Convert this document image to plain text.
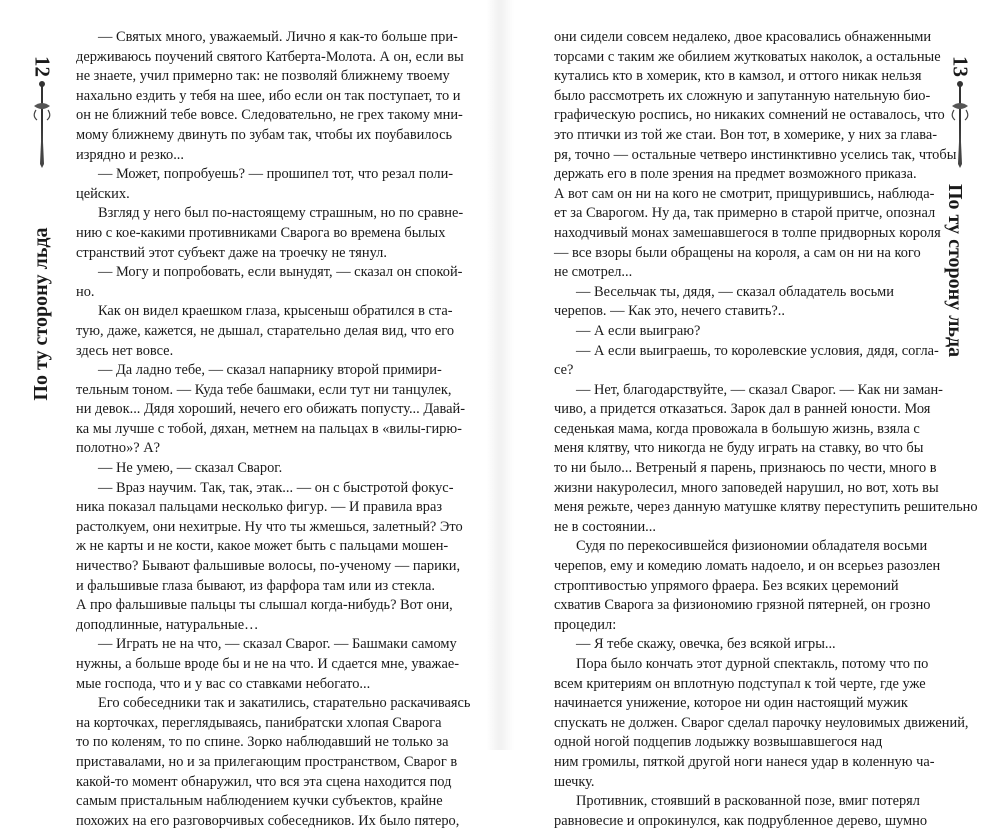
12
По ту сторону льда

— Святых много, уважаемый. Лично я как-то больше при-

держиваюсь поучений святого Катберта-Молота. А он, если вы

не знаете, учил примерно так: не позволяй ближнему твоему

нахально ездить у тебя на шее, ибо если он так поступает, то и

он не ближний тебе вовсе. Следовательно, не грех такому мни-

мому ближнему двинуть по зубам так, чтобы их поубавилось

изрядно и резко...

— Может, попробуешь? — прошипел тот, что резал поли-

цейских.

Взгляд у него был по-настоящему страшным, но по сравне-

нию с кое-какими противниками Сварога во времена былых

странствий этот субъект даже на троечку не тянул.

— Могу и попробовать, если вынудят, — сказал он спокой-

но.

Как он видел краешком глаза, крысеныш обратился в ста-

тую, даже, кажется, не дышал, старательно делая вид, что его

здесь нет вовсе.

— Да ладно тебе, — сказал напарнику второй примири-

тельным тоном. — Куда тебе башмаки, если тут ни танцулек,

ни девок... Дядя хороший, нечего его обижать попусту... Давай-

ка мы лучше с тобой, дяхан, метнем на пальцах в «вилы-гирю-

полотно»? А?

— Не умею, — сказал Сварог.

— Враз научим. Так, так, этак... — он с быстротой фокус-

ника показал пальцами несколько фигур. — И правила враз

растолкуем, они нехитрые. Ну что ты жмешься, залетный? Это

ж не карты и не кости, какое может быть с пальцами мошен-

ничество? Бывают фальшивые волосы, по-ученому — парики,

и фальшивые глаза бывают, из фарфора там или из стекла.

А про фальшивые пальцы ты слышал когда-нибудь? Вот они,

доподлинные, натуральные…

— Играть не на что, — сказал Сварог. — Башмаки самому

нужны, а больше вроде бы и не на что. И сдается мне, уважае-

мые господа, что и у вас со ставками небогато...

Его собеседники так и закатились, старательно раскачиваясь

на корточках, переглядываясь, панибратски хлопая Сварога

то по коленям, то по спине. Зорко наблюдавший не только за

приставалами, но и за прилегающим пространством, Сварог в

какой-то момент обнаружил, что вся эта сцена находится под

самым пристальным наблюдением кучки субъектов, крайне

похожих на его разговорчивых собеседников. Их было пятеро,

они сидели совсем недалеко, двое красовались обнаженными

торсами с таким же обилием жутковатых наколок, а остальные

кутались кто в хомерик, кто в камзол, и оттого никак нельзя

было рассмотреть их сложную и запутанную нательную био-

графическую роспись, но никаких сомнений не оставалось, что

это птички из той же стаи. Вон тот, в хомерике, у них за глава-

ря, точно — остальные четверо инстинктивно уселись так, чтобы

держать его в поле зрения на предмет возможного приказа.

А вот сам он ни на кого не смотрит, прищурившись, наблюда-

ет за Сварогом. Ну да, так примерно в старой притче, опознал

находчивый монах замешавшегося в толпе придворных короля

— все взоры были обращены на короля, а сам он ни на кого

не смотрел...

— Весельчак ты, дядя, — сказал обладатель восьми черепов. — Как это, нечего ставить?..

— А если выиграю?

— А если выиграешь, то королевские условия, дядя, согла-

се?

— Нет, благодарствуйте, — сказал Сварог. — Как ни заман-

чиво, а придется отказаться. Зарок дал в ранней юности. Моя

седенькая мама, когда провожала в большую жизнь, взяла с

меня клятву, что никогда не буду играть на ставку, во что бы

то ни было... Ветреный я парень, признаюсь по чести, много в

жизни накуролесил, много заповедей нарушил, но вот, хоть вы

меня режьте, через данную матушке клятву переступить решительно

не в состоянии...

Судя по перекосившейся физиономии обладателя восьми

черепов, ему и комедию ломать надоело, и он всерьез разозлен

строптивостью упрямого фраера. Без всяких церемоний

схватив Сварога за физиономию грязной пятерней, он грозно

процедил:

— Я тебе скажу, овечка, без всякой игры...

Пора было кончать этот дурной спектакль, потому что по

всем критериям он вплотную подступал к той черте, где уже

начинается унижение, которое ни один настоящий мужик

спускать не должен. Сварог сделал парочку неуловимых движений,

одной ногой подцепив лодыжку возвышавшегося над

ним громилы, пяткой другой ноги нанеся удар в коленную ча-

шечку.

Противник, стоявший в раскованной позе, вмиг потерял

равновесие и опрокинулся, как подрубленное дерево, шумно

13
По ту сторону льда
